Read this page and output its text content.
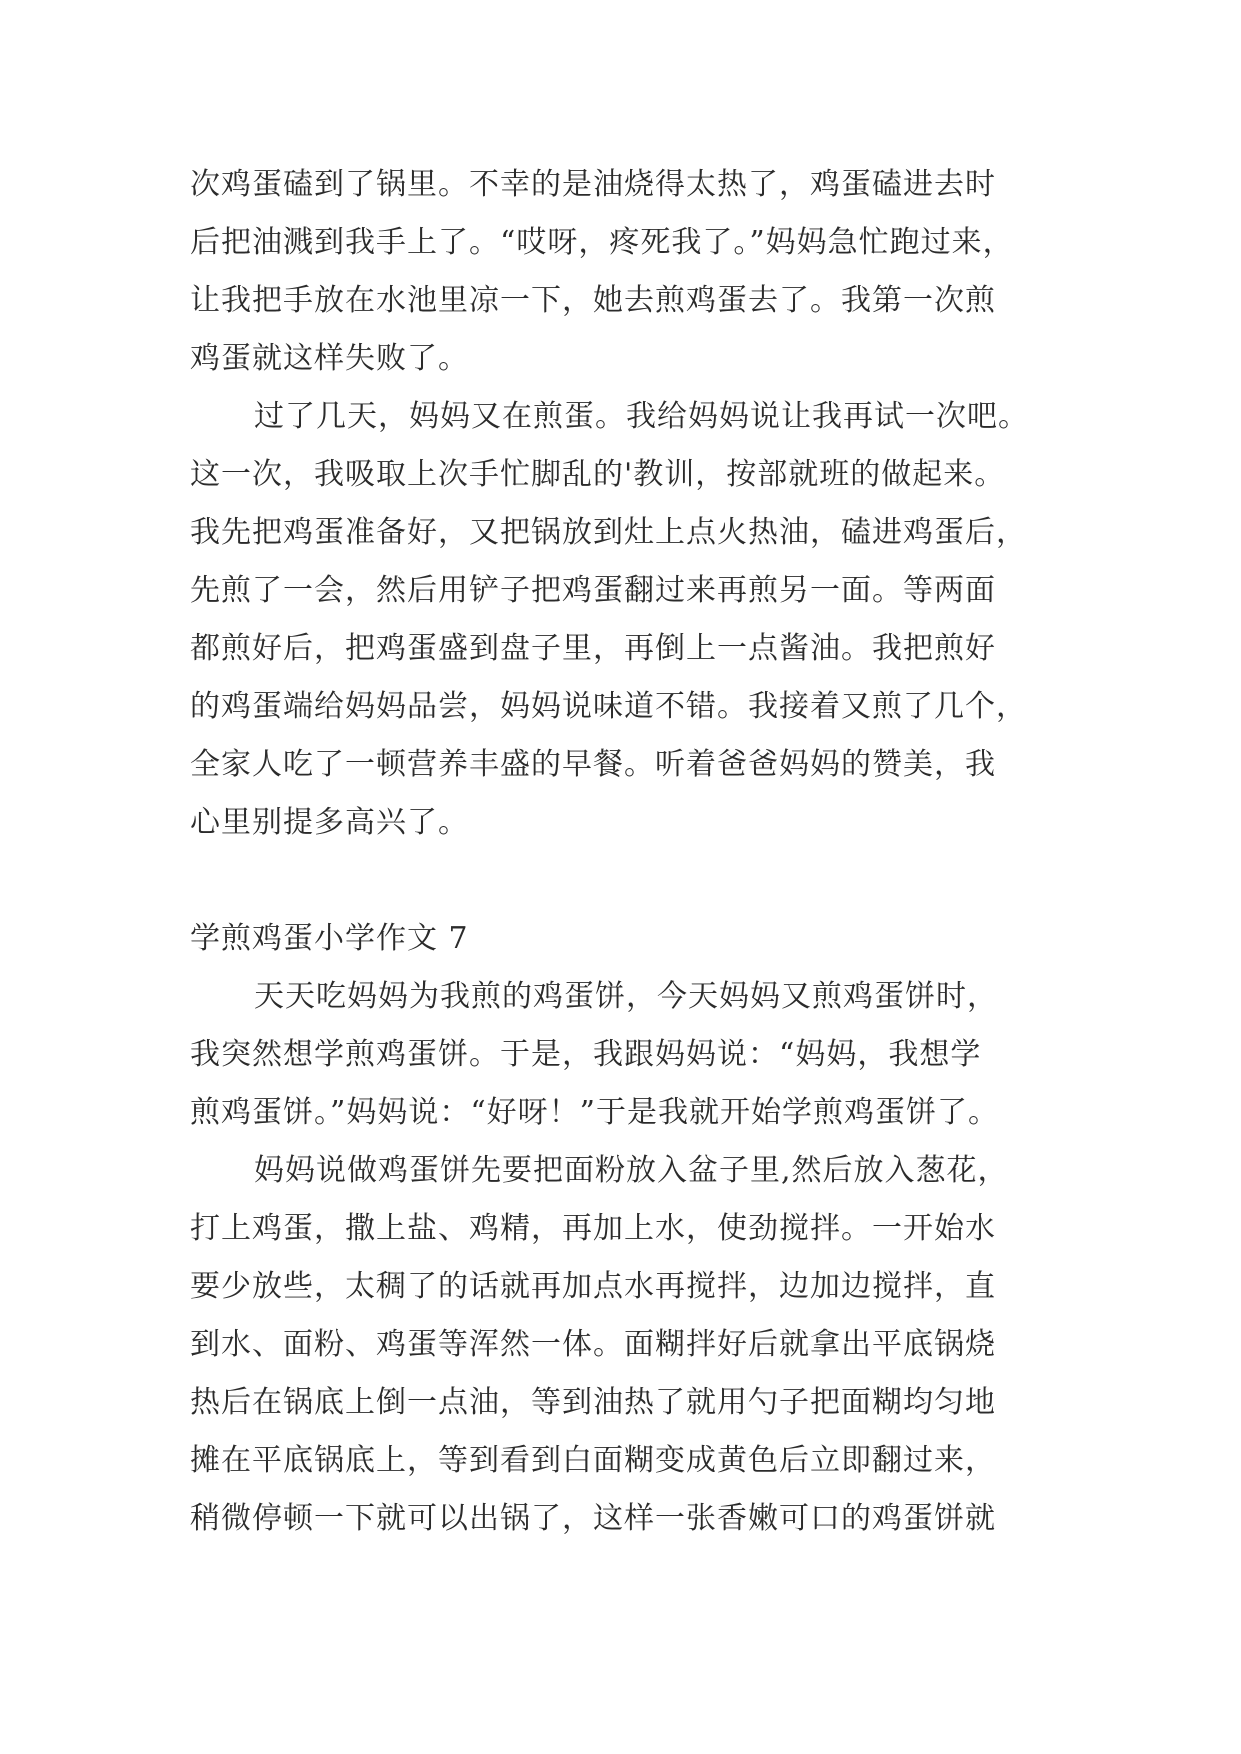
次鸡蛋磕到了锅里。不幸的是油烧得太热了，鸡蛋磕进去时
后把油溅到我手上了。“哎呀，疼死我了。”妈妈急忙跑过来，
让我把手放在水池里凉一下，她去煎鸡蛋去了。我第一次煎
鸡蛋就这样失败了。
过了几天，妈妈又在煎蛋。我给妈妈说让我再试一次吧。
这一次，我吸取上次手忙脚乱的'教训，按部就班的做起来。
我先把鸡蛋准备好，又把锅放到灶上点火热油，磕进鸡蛋后，
先煎了一会，然后用铲子把鸡蛋翻过来再煎另一面。等两面
都煎好后，把鸡蛋盛到盘子里，再倒上一点酱油。我把煎好
的鸡蛋端给妈妈品尝，妈妈说味道不错。我接着又煎了几个，
全家人吃了一顿营养丰盛的早餐。听着爸爸妈妈的赞美，我
心里别提多高兴了。
学煎鸡蛋小学作文 7
天天吃妈妈为我煎的鸡蛋饼，今天妈妈又煎鸡蛋饼时，
我突然想学煎鸡蛋饼。于是，我跟妈妈说：“妈妈，我想学
煎鸡蛋饼。”妈妈说：“好呀！”于是我就开始学煎鸡蛋饼了。
妈妈说做鸡蛋饼先要把面粉放入盆子里,然后放入葱花，
打上鸡蛋，撒上盐、鸡精，再加上水，使劲搅拌。一开始水
要少放些，太稠了的话就再加点水再搅拌，边加边搅拌，直
到水、面粉、鸡蛋等浑然一体。面糊拌好后就拿出平底锅烧
热后在锅底上倒一点油，等到油热了就用勺子把面糊均匀地
摊在平底锅底上，等到看到白面糊变成黄色后立即翻过来，
稍微停顿一下就可以出锅了，这样一张香嫩可口的鸡蛋饼就
